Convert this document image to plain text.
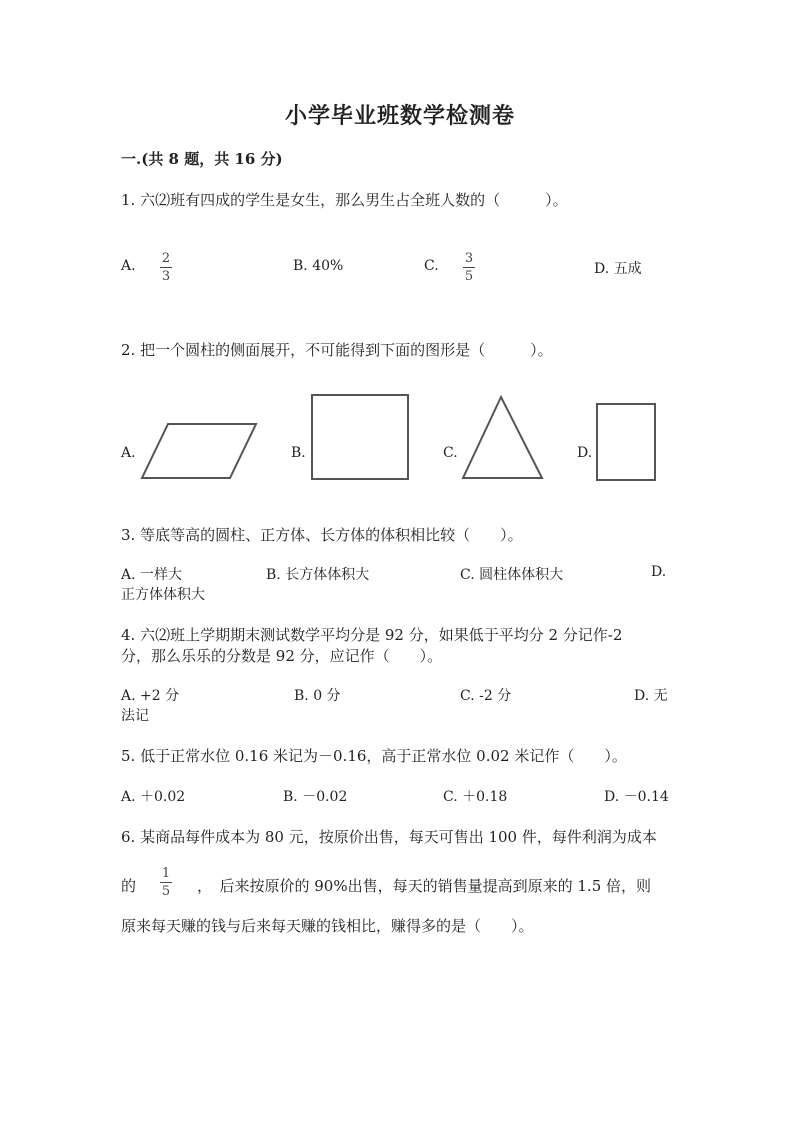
小学毕业班数学检测卷
一.(共 8 题，共 16 分)
1. 六⑵班有四成的学生是女生，那么男生占全班人数的（　　　）。
A. 2
3
B. 40%	C. 3
5	D. 五成
2. 把一个圆柱的侧面展开，不可能得到下面的图形是（　　　）。
A.	B.	C.	D.
3. 等底等高的圆柱、正方体、长方体的体积相比较（　　）。
A. 一样大	B. 长方体体积大	C. 圆柱体体积大	D.
正方体体积大
4. 六⑵班上学期期末测试数学平均分是 92 分，如果低于平均分 2 分记作-2
分，那么乐乐的分数是 92 分，应记作（　　）。
A. +2 分	B. 0 分	C. -2 分	D. 无
法记
5. 低于正常水位 0.16 米记为－0.16，高于正常水位 0.02 米记作（　　）。
A. ＋0.02	B. －0.02	C. ＋0.18	D. －0.14
6. 某商品每件成本为 80 元，按原价出售，每天可售出 100 件，每件利润为成本
的
1
5 ，　后来按原价的 90%出售，每天的销售量提高到原来的 1.5 倍，则
原来每天赚的钱与后来每天赚的钱相比，赚得多的是（　　）。
